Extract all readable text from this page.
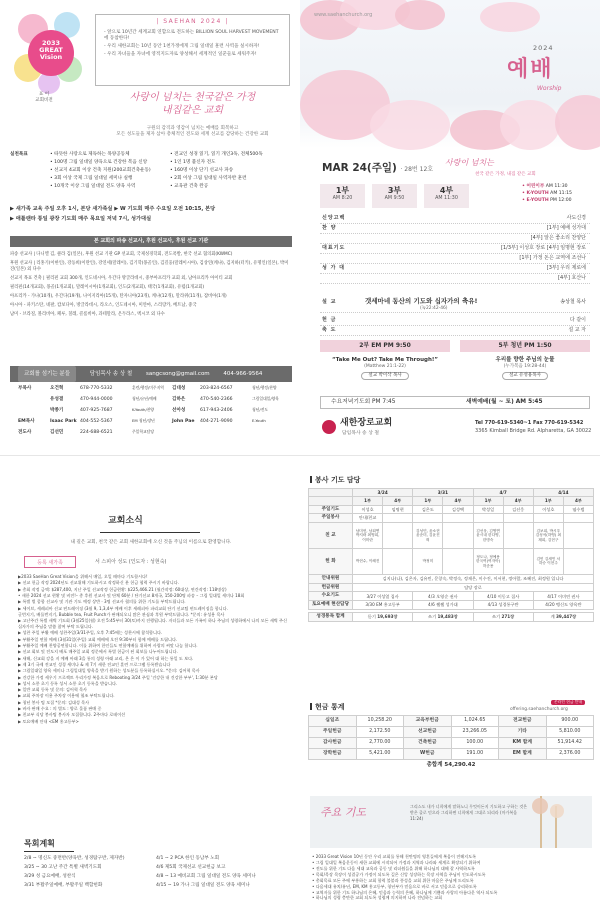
2033
GREAT
Vision
표 어
교회비전
| SAEHAN 2024 |
- 앞으로 10년간 세계교회 연합으로 전도하는 BILLION SOUL HARVEST MOVEMENT에 동참한다!
- 우리 새한교회는 10년 동안 1천가정에게 그림 일대일 훈련 사역을 실시하자!
- 우리 자녀들을 자녀에 영적지도자로 양성해서 세계적인 일꾼들로 세워주자!
사랑이 넘치는 천국같은 가정
내집같은 교회
구원의 감격과 영감이 넘치는 예배를 회복하고
모든 성도들을 제자 삼아 총체적인 전도와 세계 선교를 감당하는 건강한 교회
실천목표	• 따뜻한 사랑으로 제독하는 목양공동체
• 100명 그림 일대일 양육으로 건강한 복음 신앙
• 선교지 4교회 이상 건축 지원(200교회건축운동)
• 3회 이상 국제 그림 일대일 세미나 실행
• 10개국 이상 그림 일대일 전도 양육 사역
• 전교인 성경 읽기, 읽기 개인3독, 전체500독
• 1인 1명 불신자 전도
• 160명 이상 단기 선교사 파송
• 2회 이상 그림 일대일 사역자반 훈련
• 교육관 건축 완공
▶ 새가족 교육 주일 오후 1시, 본당 새가족실 ▶ W 기도회 매주 수요일 오전 10:15, 본당
▶ 애틀랜타 통일 광장 기도회 매주 목요일 저녁 7시, 성가대실
본 교회의 파송 선교사, 후원 선교사, 후원 선교 기관

파송 선교사 | 다니엘 김, 클라 김(일본), 후원 선교 기관 GP 선교회, 국제성경학회, 전도폭발, 한국 선교 협의회(KWMC)

후원 선교사 | 리홍기(이한인), 강동희(이란인), 강연세(말레이), 김기학(몽골인), 김길웅(말레이시아), 김상연(케냐), 김지하(터키), 유명인(일본), 박미진(일본) 외 다수

선교지 목표 건축 | 필리핀 교회 300개, 인도네시아, 우간다 방글라데시, 중부아프리카 교회 외, 남아프리카 아이티 교회

필리핀(14개교회), 몽골(1개교회), 말레이시아(1개교회), 인도(2개교회), 태국(1개교회), 유럽(1개교회)

아프리카 - 가나(10개), 우간다(19개), 나이지리아(15개), 탄자니아(23개), 케냐(12개), 말라위(11개), 잠비아(1개)

아시아 - 파키스탄, 네팔, 캄보디아, 방글라데시, 라오스, 인도네시아, 미얀마, 스리랑카, 베트남, 중국

남미 - 브라질, 볼리비아, 페루, 칠레, 콜롬비아, 과테말라, 온두라스, 멕시코 외 다수

교회를 섬기는 분들	담임목사 송 상 철	sangcsong@gmail.com	404-966-9564
부목사	오건혁	678-770-5332	훈련/행정/미주지역 김대성	203-824-6567	청년/행정/찬양
유성결	470-944-0000	청년/유년/예배	김하은	470-540-2366	그림일대일/양육
박종기	407-925-7687	K-Youth/찬양	선아성	617-943-2406	청년/전도
EM목사	Isaac Park 404-552-5367	EM 청년/장년	John Pae 404-271-9090	E-Youth
전도사	김선민	224-688-6521	주일학교담당
www.saehanchurch.org
2024
예배
Worship
MAR 24(주일) · 28번 12호
사랑이 넘치는
천국 같은 가정, 내집 같은 교회
1부
AM 8:20
3부
AM 9:50
4부
AM 11:30
• 어린이부 AM 11:30
• K-YOUTH AM 11:15
• E-YOUTH PM 12:00
신앙고백	사도신경
찬 양	[1부] 예배 성가대
[4부] 알은 좋소리 찬양단
대표기도	[1/3부] 이성호 장로 [4부] 임명현 장로
[1부] 가정 돈은 교역에 조선나
성 가 대	[3부] 우리 제로에
[4부] 호산나
설 교	갯세마네 동산의 기도와 십자가의 축유!	송상철 목사
(눅22:42-46)
헌 금	다 같이
축 도	설 교 자
2부 EM PM 9:50	5부 청년 PM 1:50
“Take Me Out? Take Me Through!”
(Matthew 21:1-22)
설교 박이삭 목사
우리를 향한 주님의 눈물
(누가복음 19:28-44)
설교 유성용목사
수요저녁기도회 PM 7:45	새벽예배(월 ~ 토) AM 5:45
새한장로교회
담임목사 송 상 철
Tel 770-619-5340~1 Fax 770-619-5342
3365 Kimball Bridge Rd. Alpharetta, GA 30022
교회소식
내 길은 교회, 천국 같은 교회 새한교회에 오신 것을 주님의 이름으로 환영합니다.
등록 새가족	서 스피아 성도 (인도자 : 성현숙)

▶2033 SaeHan Great Vision을 위해서 매일, 오일 때마다 기도합시다!

▶ 선교 헌금 작정 2024년도 선교위해 기도하시고 작정하신 분 헌금 협력 주시기 바랍니다.

▶ 총회 작정 금액: $287,400, 지난 주일 선교작정 헌금현황: $225,466.21 (월간작정: 60대상, 연간작정: 118명상)

• 새한 2024 선교 현황 및 비전!– 총 후원 선교사 및 단체 60분 / 단기선교 8개국, 150-200명 파송 – 그림 일대일 세미나 18회

▶ 특별 별 종합 선교사 및 기관 기도 예정 상반 · 3명 선교사 협의를 위한 기도를 부탁드립니다.

▶ 세이브, 세레피아 선교 펀드레이징 (3월 9, 1,3,4부 예배 이후 세레피아 파리교회 단기 선교팀 펀드레이징을 합니다.

글번지기, 배를번지기, Bubble tea, Fruit Punch가 판매되오니 많은 관심과 후원 부탁드립니다. *문의: 유성용 목사

▶ 고난주간 특별 새벽 기도회 (3월25일(월) 오전 5:45부터 30(토)까지 진행됩니다. 자녀들과 모든 가족이 하나 주님의 성령하에서 나의 모든 새벽 주신 십자가의 주님을 말씀 참여 부탁 드립니다.

▶ 성찬 주일 부활 예배 성찬주일(3/31주일, 오후 7:45에는 성찬시에 참석합니다.

▶ 부활주일 연합 예배 (3월31일(주일) 교회 예배에 오전 9:30부터 함께 예배를 드립니다.

▶ 부활주일 예배 찬양공연합니다. 이를 위하여 한인들도 연합예배를 위하여 사랑의 씨앗 나눔 합니다.

▶ 선교 회보 및 전도지 배포 매주일 교회 정문에서 특별 헌금이 된 회보를 나누어드립니다.

▶ 새해, 신교회 강을 지 예배 아래 3을 통의 성령 아래 교리, 온 은 이 가 있어 대 하는 통일 도 보다.

▶ 제 3기 국제 전교인 성경 세미나 & 제 7기 새한 전교인 훈련 프로그램 등록받습니다

▶ 그림일대일 양육 세미나 그림일대일 양육을 받기 원하는 성도분들 등록하십시오. *문의: 김어혁 목사

▶ 건강한 가정 세우기 프로젝트 우리가정 복음으로 Rebooting 3/24 주일 '건강한 내 건강한 부부', 1:30분 본당

▶ 성서 소풍 초기 등록 성서 소풍 초기 등록을 받습니다.

▶ 일반 교회 등록 및 문의: 김어혁 목사

▶ 교회 주차장 이용 주차장 이용에 협조 부탁드립니다.

▶ 청년 봉사 팀 모집 *문의: 김대성 목사

▶ 바자 판매 수요 : 의 별도 : 양로 물품 판매 중

▶ 친교부 식당 봉사팀 봉사자 모집합니다. 2주마다 로테이션

▶ 토요예배 안내 <EM 홍고등부>

목회계획
2/8 ~ 명신도 중면반(양육반, 성경탐구반, 제자반)
3/25 ~ 30 고난 주간 특별 새벽기도회
3/29 성 금요예배, 성찬식
3/31 부활주일예배, 부활주일 백합헌화
4/1 ~ 2 PCA 한인 동남부 노회
4/6 제5회 국제선교 선교헌금 보고
4/8 ~ 13 예비교회 그림 일대일 전도 양육 세미나
4/15 ~ 19 가나 그림 일대일 전도 양육 세미나
봉사 기도 담당
	3/24		3/31		4/7		4/14	
	1부	4부	1부	4부	1부	4부	1부	4부
주일기도	이성호	임명현	김은도	김성택	박성일	김선웅	이성호	염수범
주일봉사	안내/친교							
친 교	남미헌, 남희연 박지락 최영희, 이미란		김성민, 윤소현 윤준미, 김윤진 외		김선웅, 김영연 윤시내 한다영, 한명숙		김보희, 박시우 김성석(하영) 최재희, 김현구	
헌 화	박현수, 이혜진		박정미		정도나, 정예용 한국여(여자아) 허준용		김민 김새인 서하승 이현주	
안내위원	김지나(나), 김은자, 김유민, 문창숙, 박정숙, 정재은, 이수진, 이서현, 정아람, 조혜진, 최정원 입니다							
헌금위원	담당 장로							
수요기도	3/27 이성열 집사		4/3 오영순 권사		4/10 이동고 집사		4/17 이미연 권사	
토요예배 현산담당	3/30 EM 홍고등부		4/6 쌤쌤 성가대		4/13 성경통구반		4/20 맹신도 양육반	
성경통독 합계	듣기 19,693장	쓰기 19,483장	쓰기 271장	계 39,447장
현금 통계
온라인 헌금 안내
offering.saehanchurch.org
십일조	10,258.20	교육부헌금	1,024.65	전교헌금	900.00
주일헌금	2,172.50	선교헌금	23,266.05	기타	5,810.00
감사헌금	2,770.00	건축헌금	100.00	KM 합계	51,914.42
장학헌금	5,421.00	W헌금	191.00	EM 합계	2,376.00
총합계 54,290.42
주요 기도	그리스도 내가 너희에게 말하노니 무엇이든지 기도하고 구하는 것은 받은 줄로 믿으라 그리하면 너희에게 그대로 되리라 (마가복음 11:24)
• 2033 Great Vision 10년 동안 우리 교회를 통해 천만명의 영혼들에게 복음이 전해지도록
• 그림 일대일 복음운동이 새한 교회에 시작되어 가정과 지역과 나라와 세계로 확장되기 위하여
• 전도를 위한 기도 다음 세대 교육과 공동 및 리더쉽들을 위해 하나님의 대해 잘 사역하도록
• 목회/목장 목장이 성결공가 가정이 되도록 깊은 신앙 성장하는 목장 사역을 주님이 인도하시도록
• 총회목표 모든 주에 부흥하는 교회 합력 불붙과 풍성을 교회 위한 마음은 주님께 드리도록
• 다음세대 유치/유년, EM, KM 홍고등부, 청년부가 믿음으로 바로 서고 믿음으로 승리하도록
• 교역자를 위한 기도 하나님의 은혜, 믿음과 능력의 은혜, 하나님께 기쁨과 사랑의 아름다운 역사 되도록
• 하나님의 성령 충만한 교회 되도록 성령께 의지하며 나라 전념하는 교회
